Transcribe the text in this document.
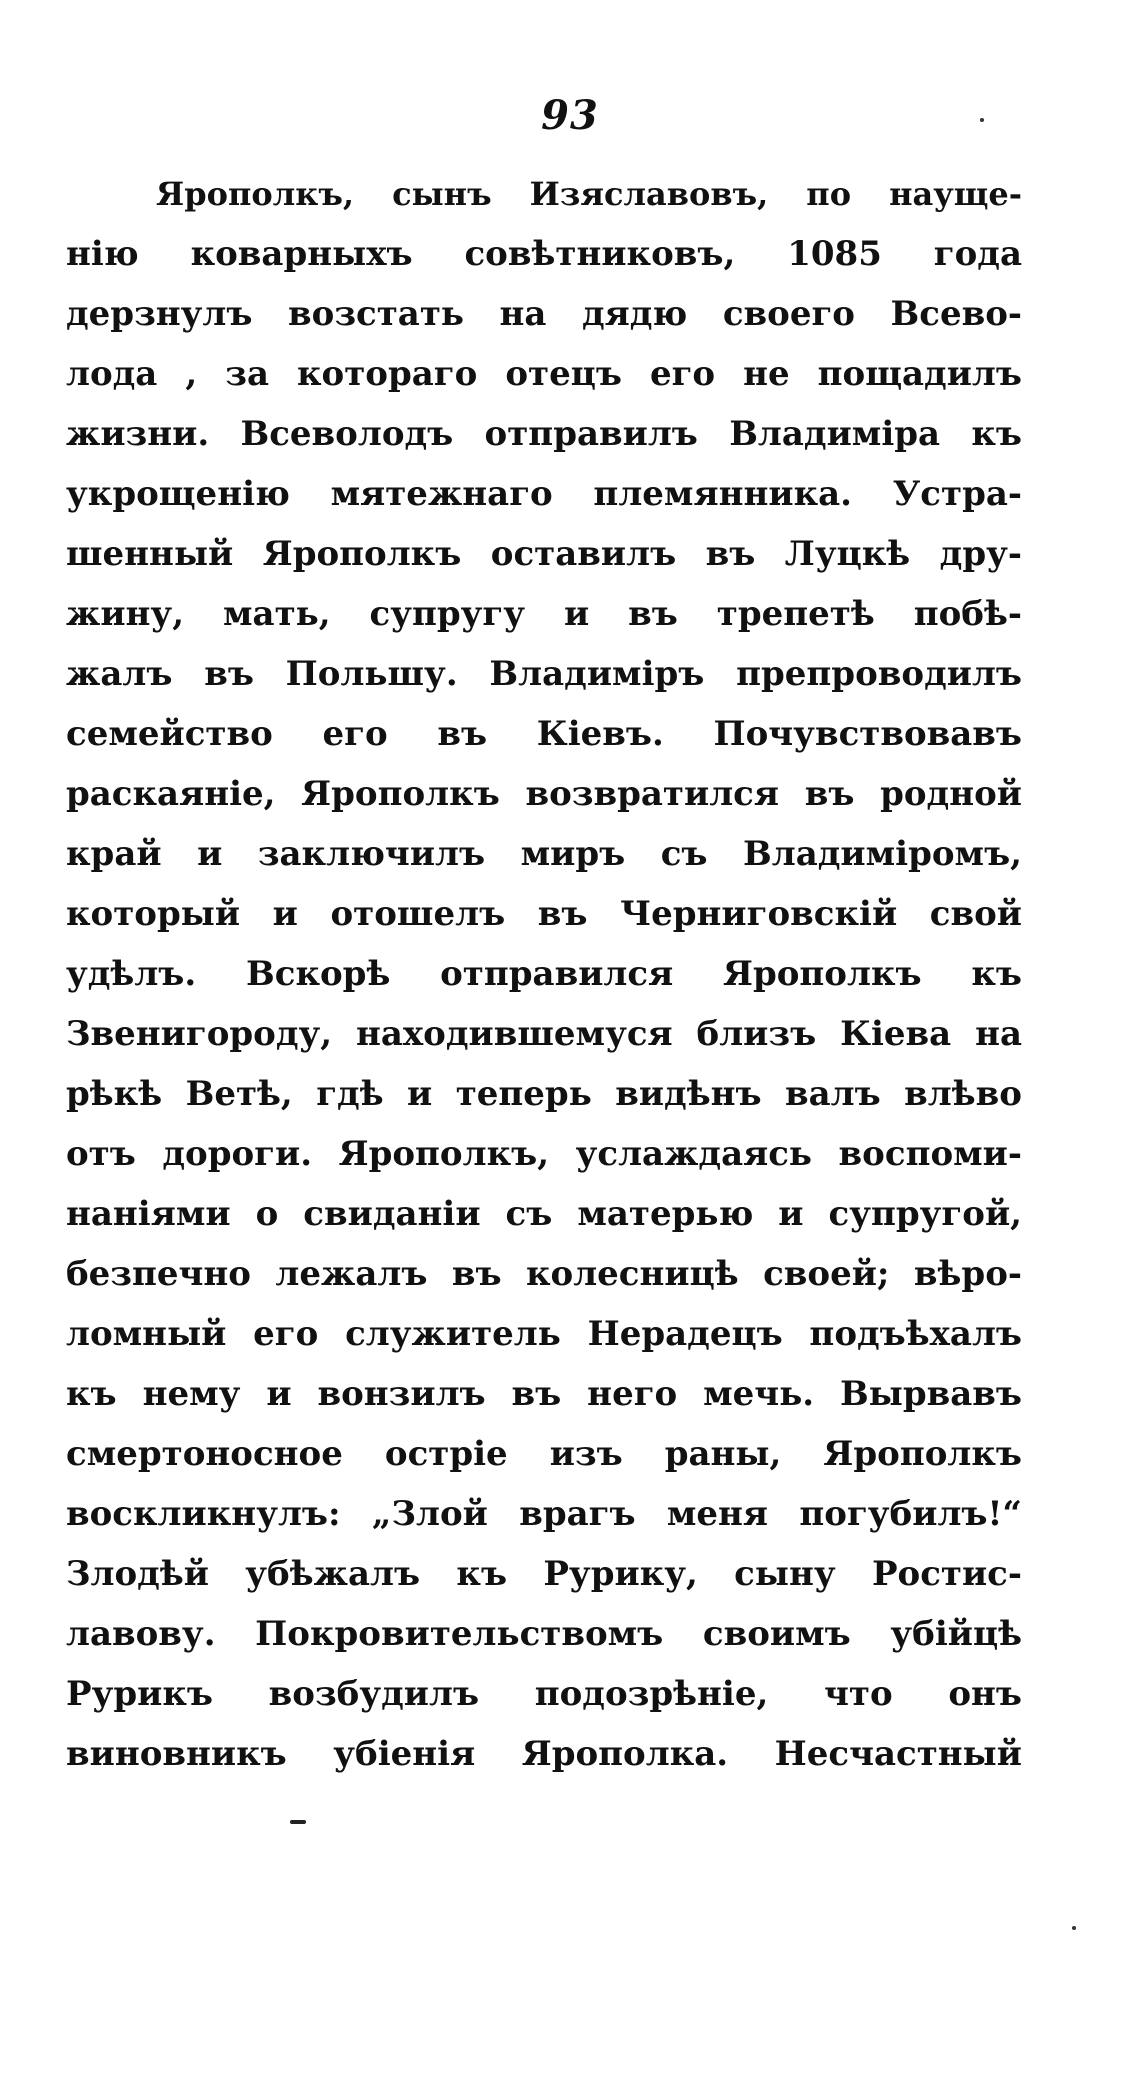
93
Ярополкъ, сынъ Изяславовъ, по науще-
нію коварныхъ совѣтниковъ, 1085 года
дерзнулъ возстать на дядю своего Всево-
лода , за котораго отецъ его не пощадилъ
жизни. Всеволодъ отправилъ Владиміра къ
укрощенію мятежнаго племянника. Устра-
шенный Ярополкъ оставилъ въ Луцкѣ дру-
жину, мать, супругу и въ трепетѣ побѣ-
жалъ въ Польшу. Владиміръ препроводилъ
семейство его въ Кіевъ. Почувствовавъ
раскаяніе, Ярополкъ возвратился въ родной
край и заключилъ миръ съ Владиміромъ,
который и отошелъ въ Черниговскій свой
удѣлъ. Вскорѣ отправился Ярополкъ къ
Звенигороду, находившемуся близъ Кіева на
рѣкѣ Ветѣ, гдѣ и теперь видѣнъ валъ влѣво
отъ дороги. Ярополкъ, услаждаясь воспоми-
наніями о свиданіи съ матерью и супругой,
безпечно лежалъ въ колесницѣ своей; вѣро-
ломный его служитель Нерадецъ подъѣхалъ
къ нему и вонзилъ въ него мечь. Вырвавъ
смертоносное остріе изъ раны, Ярополкъ
воскликнулъ: „Злой врагъ меня погубилъ!“
Злодѣй убѣжалъ къ Рурику, сыну Ростис-
лавову. Покровительствомъ своимъ убійцѣ
Рурикъ возбудилъ подозрѣніе, что онъ
виновникъ убіенія Ярополка. Несчастный
